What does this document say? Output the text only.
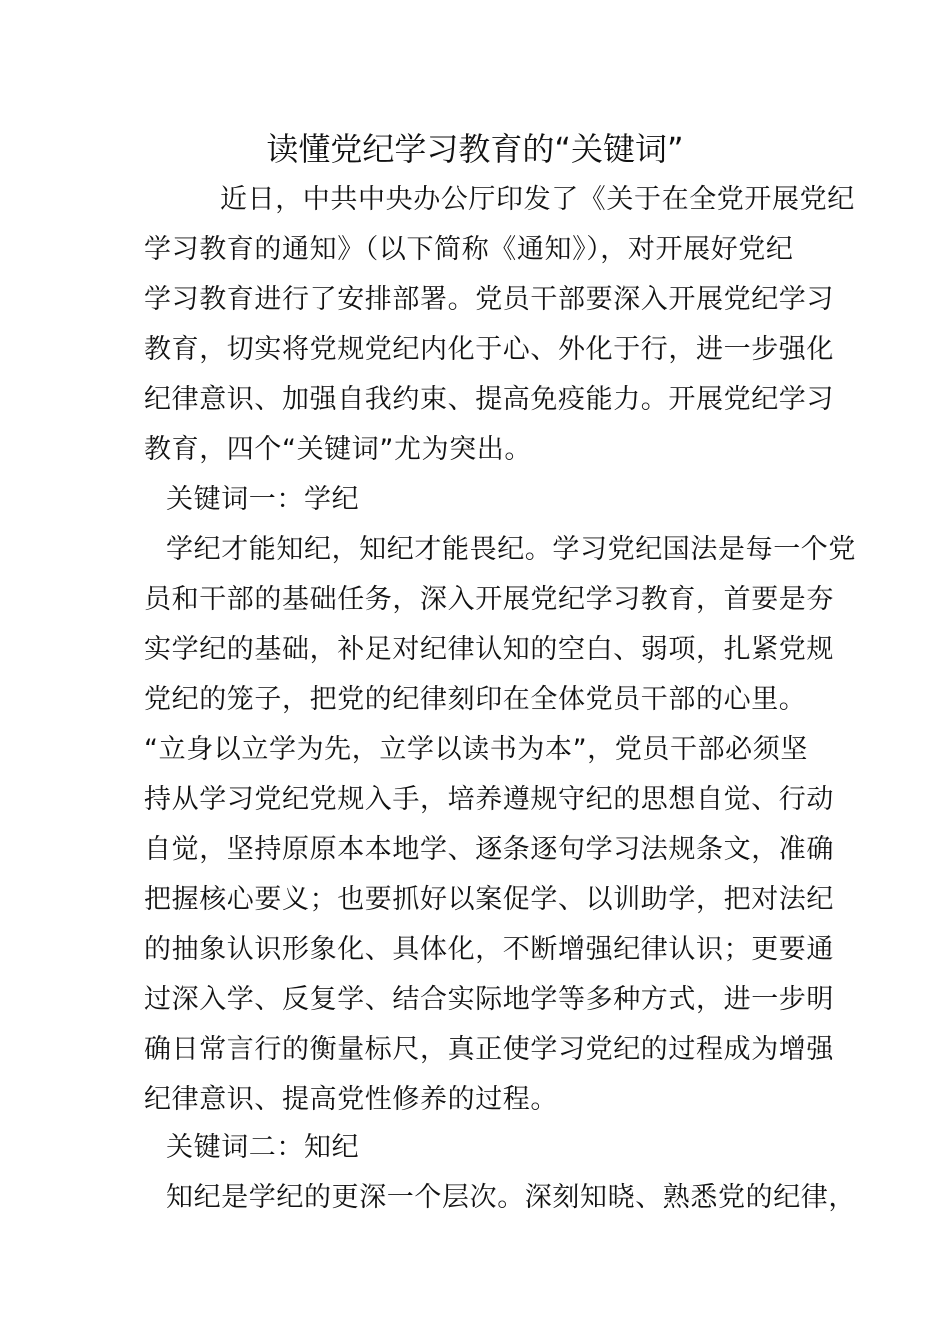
读懂党纪学习教育的“关键词”
近日，中共中央办公厅印发了《关于在全党开展党纪
学习教育的通知》（以下简称《通知》），对开展好党纪
学习教育进行了安排部署。党员干部要深入开展党纪学习
教育，切实将党规党纪内化于心、外化于行，进一步强化
纪律意识、加强自我约束、提高免疫能力。开展党纪学习
教育，四个“关键词”尤为突出。
关键词一：学纪
学纪才能知纪，知纪才能畏纪。学习党纪国法是每一个党
员和干部的基础任务，深入开展党纪学习教育，首要是夯
实学纪的基础，补足对纪律认知的空白、弱项，扎紧党规
党纪的笼子，把党的纪律刻印在全体党员干部的心里。
“立身以立学为先，立学以读书为本”，党员干部必须坚
持从学习党纪党规入手，培养遵规守纪的思想自觉、行动
自觉，坚持原原本本地学、逐条逐句学习法规条文，准确
把握核心要义；也要抓好以案促学、以训助学，把对法纪
的抽象认识形象化、具体化，不断增强纪律认识；更要通
过深入学、反复学、结合实际地学等多种方式，进一步明
确日常言行的衡量标尺，真正使学习党纪的过程成为增强
纪律意识、提高党性修养的过程。
关键词二：知纪
知纪是学纪的更深一个层次。深刻知晓、熟悉党的纪律，
